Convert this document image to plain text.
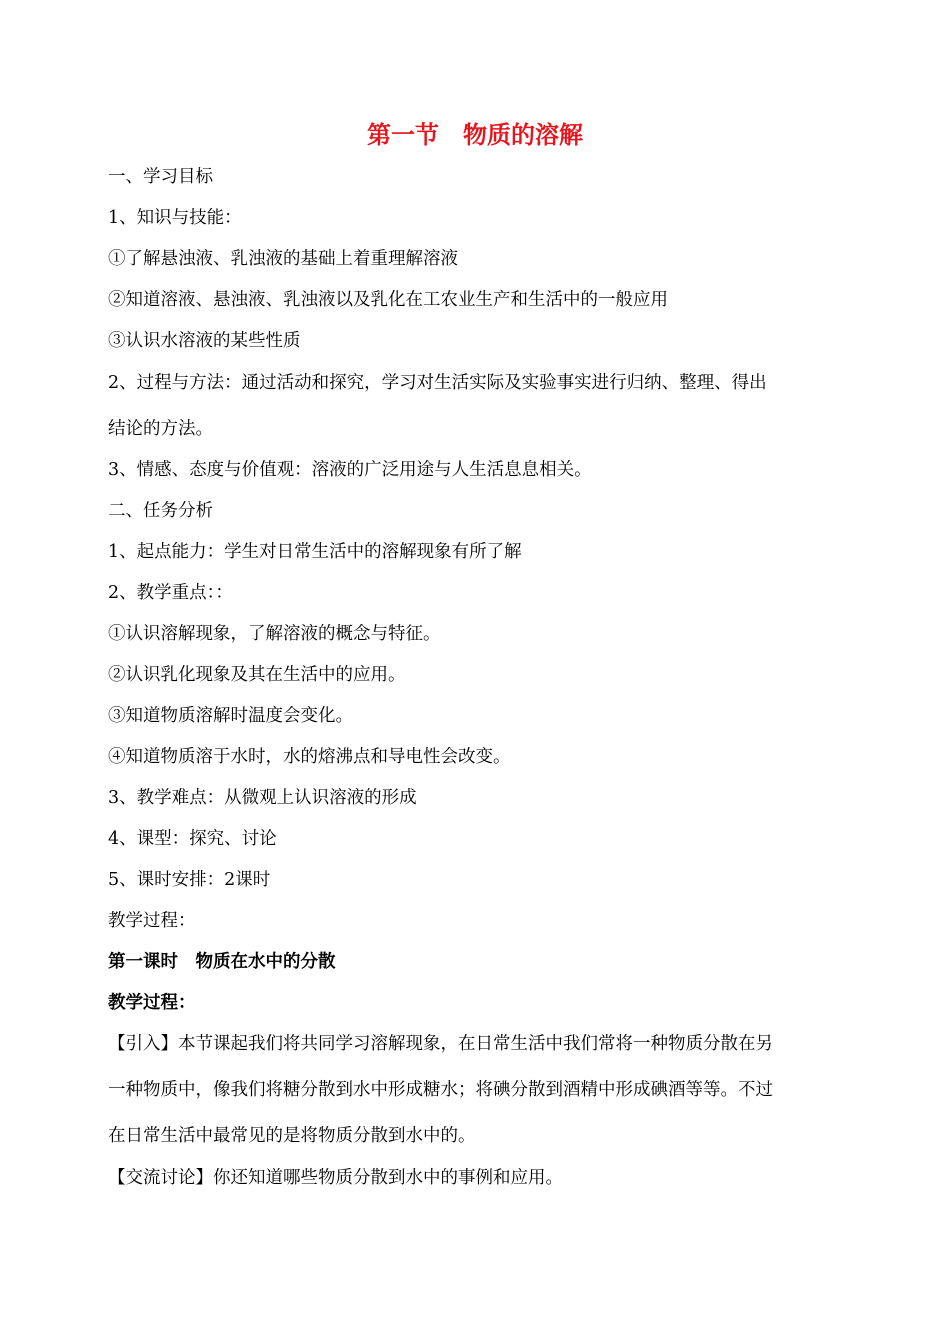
第一节　物质的溶解
一、学习目标
1、知识与技能：
①了解悬浊液、乳浊液的基础上着重理解溶液
②知道溶液、悬浊液、乳浊液以及乳化在工农业生产和生活中的一般应用
③认识水溶液的某些性质
2、过程与方法：通过活动和探究，学习对生活实际及实验事实进行归纳、整理、得出
结论的方法。
3、情感、态度与价值观：溶液的广泛用途与人生活息息相关。
二、任务分析
1、起点能力：学生对日常生活中的溶解现象有所了解
2、教学重点：：
①认识溶解现象，了解溶液的概念与特征。
②认识乳化现象及其在生活中的应用。
③知道物质溶解时温度会变化。
④知道物质溶于水时，水的熔沸点和导电性会改变。
3、教学难点：从微观上认识溶液的形成
4、课型：探究、讨论
5、课时安排：2课时
教学过程：
第一课时　物质在水中的分散
教学过程：
【引入】本节课起我们将共同学习溶解现象，在日常生活中我们常将一种物质分散在另
一种物质中，像我们将糖分散到水中形成糖水；将碘分散到酒精中形成碘酒等等。不过
在日常生活中最常见的是将物质分散到水中的。
【交流讨论】你还知道哪些物质分散到水中的事例和应用。
